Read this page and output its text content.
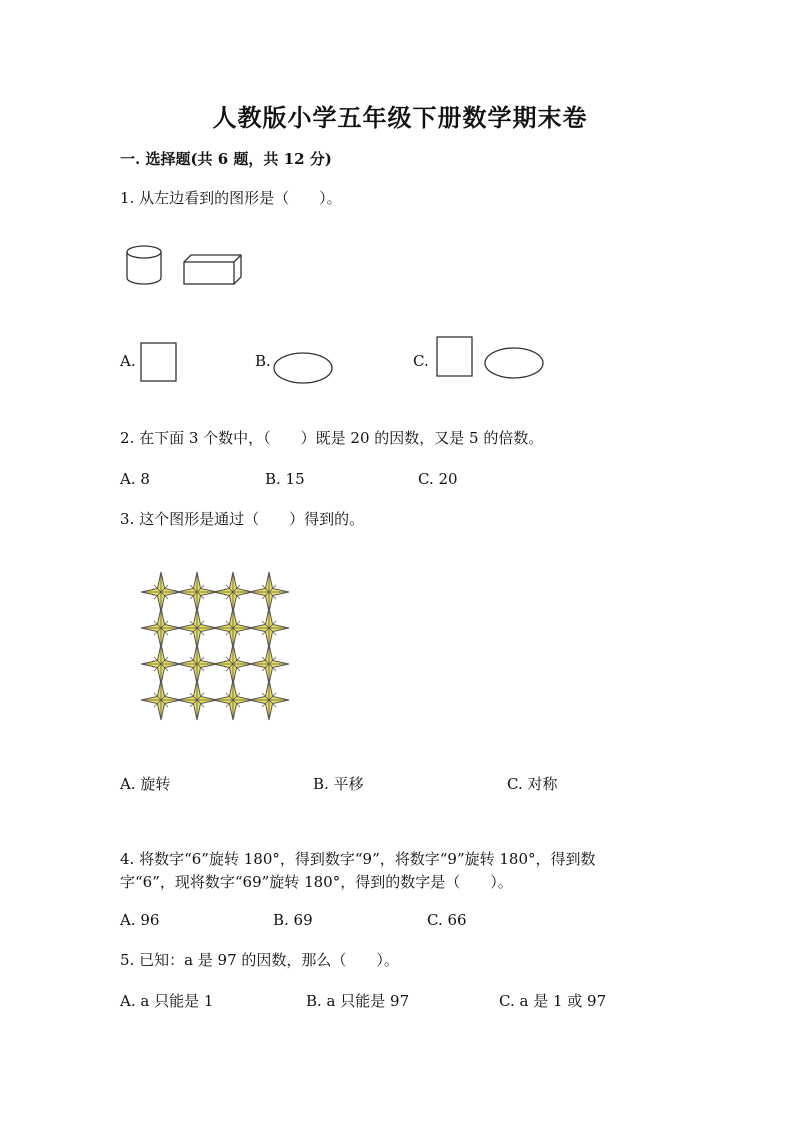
人教版小学五年级下册数学期末卷
一. 选择题(共 6 题，共 12 分)
1. 从左边看到的图形是（　　）。
A.	B.	C.
2. 在下面 3 个数中，（　　）既是 20 的因数，又是 5 的倍数。
A. 8	B. 15	C. 20
3. 这个图形是通过（　　）得到的。
A. 旋转	B. 平移	C. 对称
4. 将数字“6”旋转 180°，得到数字“9”，将数字“9”旋转 180°，得到数
字“6”，现将数字“69”旋转 180°，得到的数字是（　　）。
A. 96	B. 69	C. 66
5. 已知：a 是 97 的因数，那么（　　）。
A. a 只能是 1	B. a 只能是 97	C. a 是 1 或 97
